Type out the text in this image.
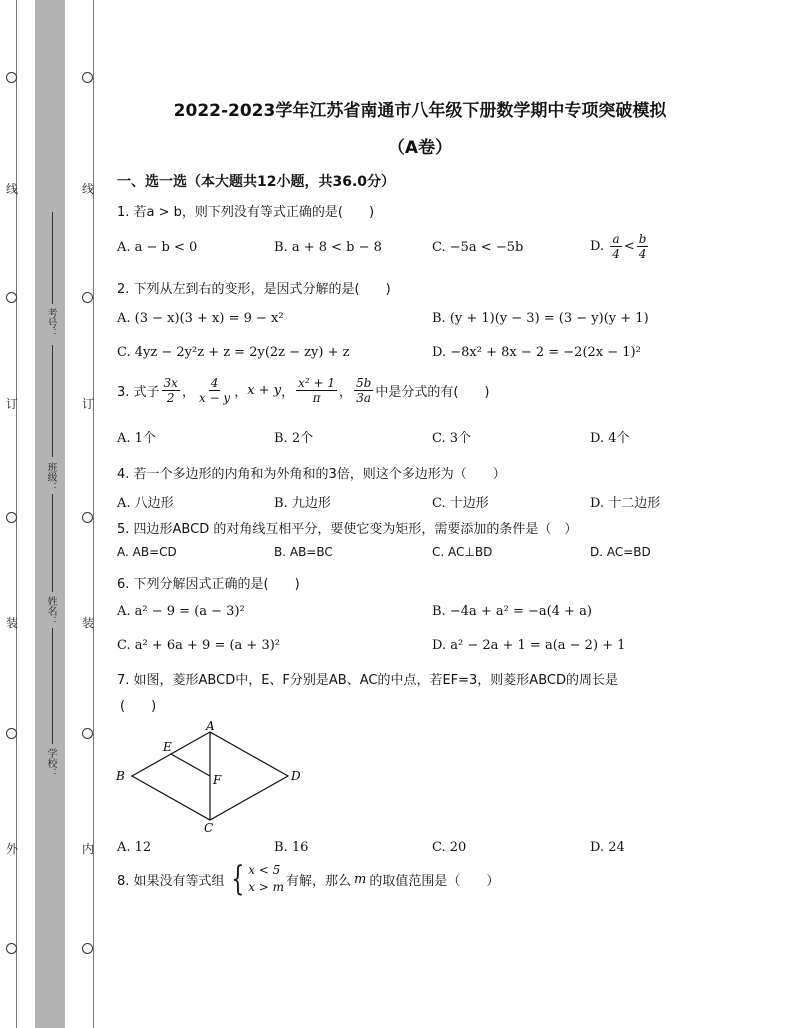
线
订
装
外
线
订
装
内
考号：
班级：
姓名：
学校：
2022-2023学年江苏省南通市八年级下册数学期中专项突破模拟
（A卷）
一、选一选（本大题共12小题，共36.0分）
1. 若a > b，则下列没有等式正确的是(　　)
A. a − b < 0	B. a + 8 < b − 8	C. −5a < −5b	D. $\frac{a}{4} < \frac{b}{4}$
2. 下列从左到右的变形，是因式分解的是(　　)
A. (3 − x)(3 + x) = 9 − x²	B. (y + 1)(y − 3) = (3 − y)(y + 1)
C. 4yz − 2y²z + z = 2y(2z − zy) + z	D. −8x² + 8x − 2 = −2(2x − 1)²
3. 式子 $\frac{3x}{2}$ ， $\frac{4}{x - y}$ ， x + y ， $\frac{\text{x² + 1}}{\pi}$ ， $\frac{5b}{3a}$ 中是分式的有(　　)
A. 1个	B. 2个	C. 3个	D. 4个
4. 若一个多边形的内角和为外角和的3倍，则这个多边形为（　　）
A. 八边形	B. 九边形	C. 十边形	D. 十二边形
5. 四边形ABCD 的对角线互相平分，要使它变为矩形，需要添加的条件是（　）
A. AB=CD	B. AB=BC	C. AC⊥BD	D. AC=BD
6. 下列分解因式正确的是(　　)
A. a² − 9 = (a − 3)²	B. −4a + a² = −a(4 + a)
C. a² + 6a + 9 = (a + 3)²	D. a² − 2a + 1 = a(a − 2) + 1
7. 如图，菱形ABCD中，E、F分别是AB、AC的中点，若EF=3，则菱形ABCD的周长是
(　　)
A
B
C
D
E
F
A. 12	B. 16	C. 20	D. 24
8. 如果没有等式组 { x < 5
x > m 有解，那么 m 的取值范围是（　　）
